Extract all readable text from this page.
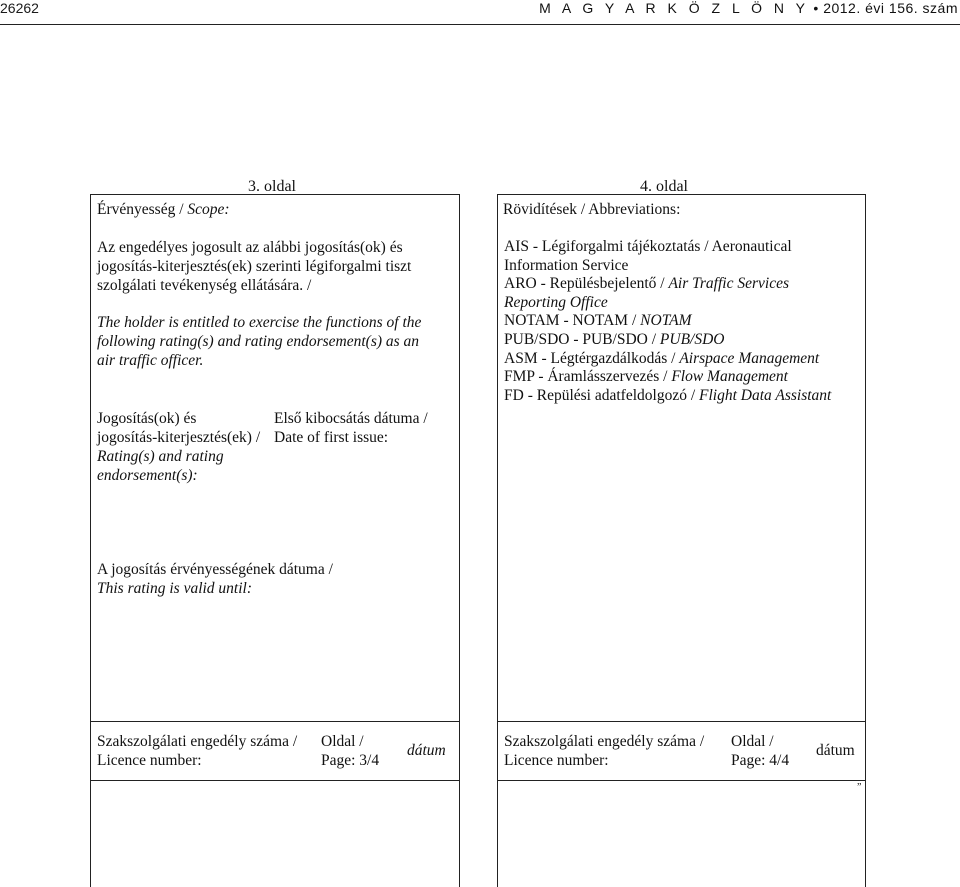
26262	M A G Y A R K Ö Z L Ö N Y • 2012. évi 156. szám
3. oldal	4. oldal
Érvényesség / Scope:
Az engedélyes jogosult az alábbi jogosítás(ok) és
jogosítás-kiterjesztés(ek) szerinti légiforgalmi tiszt
szolgálati tevékenység ellátására. /
The holder is entitled to exercise the functions of the
following rating(s) and rating endorsement(s) as an
air traffic officer.
Jogosítás(ok) és
jogosítás-kiterjesztés(ek) /
Rating(s) and rating
endorsement(s):
Első kibocsátás dátuma /
Date of first issue:
A jogosítás érvényességének dátuma /
This rating is valid until:
Rövidítések / Abbreviations:
AIS - Légiforgalmi tájékoztatás / Aeronautical
Information Service
ARO - Repülésbejelentő / Air Traffic Services
Reporting Office
NOTAM - NOTAM / NOTAM
PUB/SDO - PUB/SDO / PUB/SDO
ASM - Légtérgazdálkodás / Airspace Management
FMP - Áramlásszervezés / Flow Management
FD - Repülési adatfeldolgozó / Flight Data Assistant
Szakszolgálati engedély száma /
Licence number:
Oldal /
Page: 3/4
dátum
Szakszolgálati engedély száma /
Licence number:
Oldal /
Page: 4/4
dátum
„
